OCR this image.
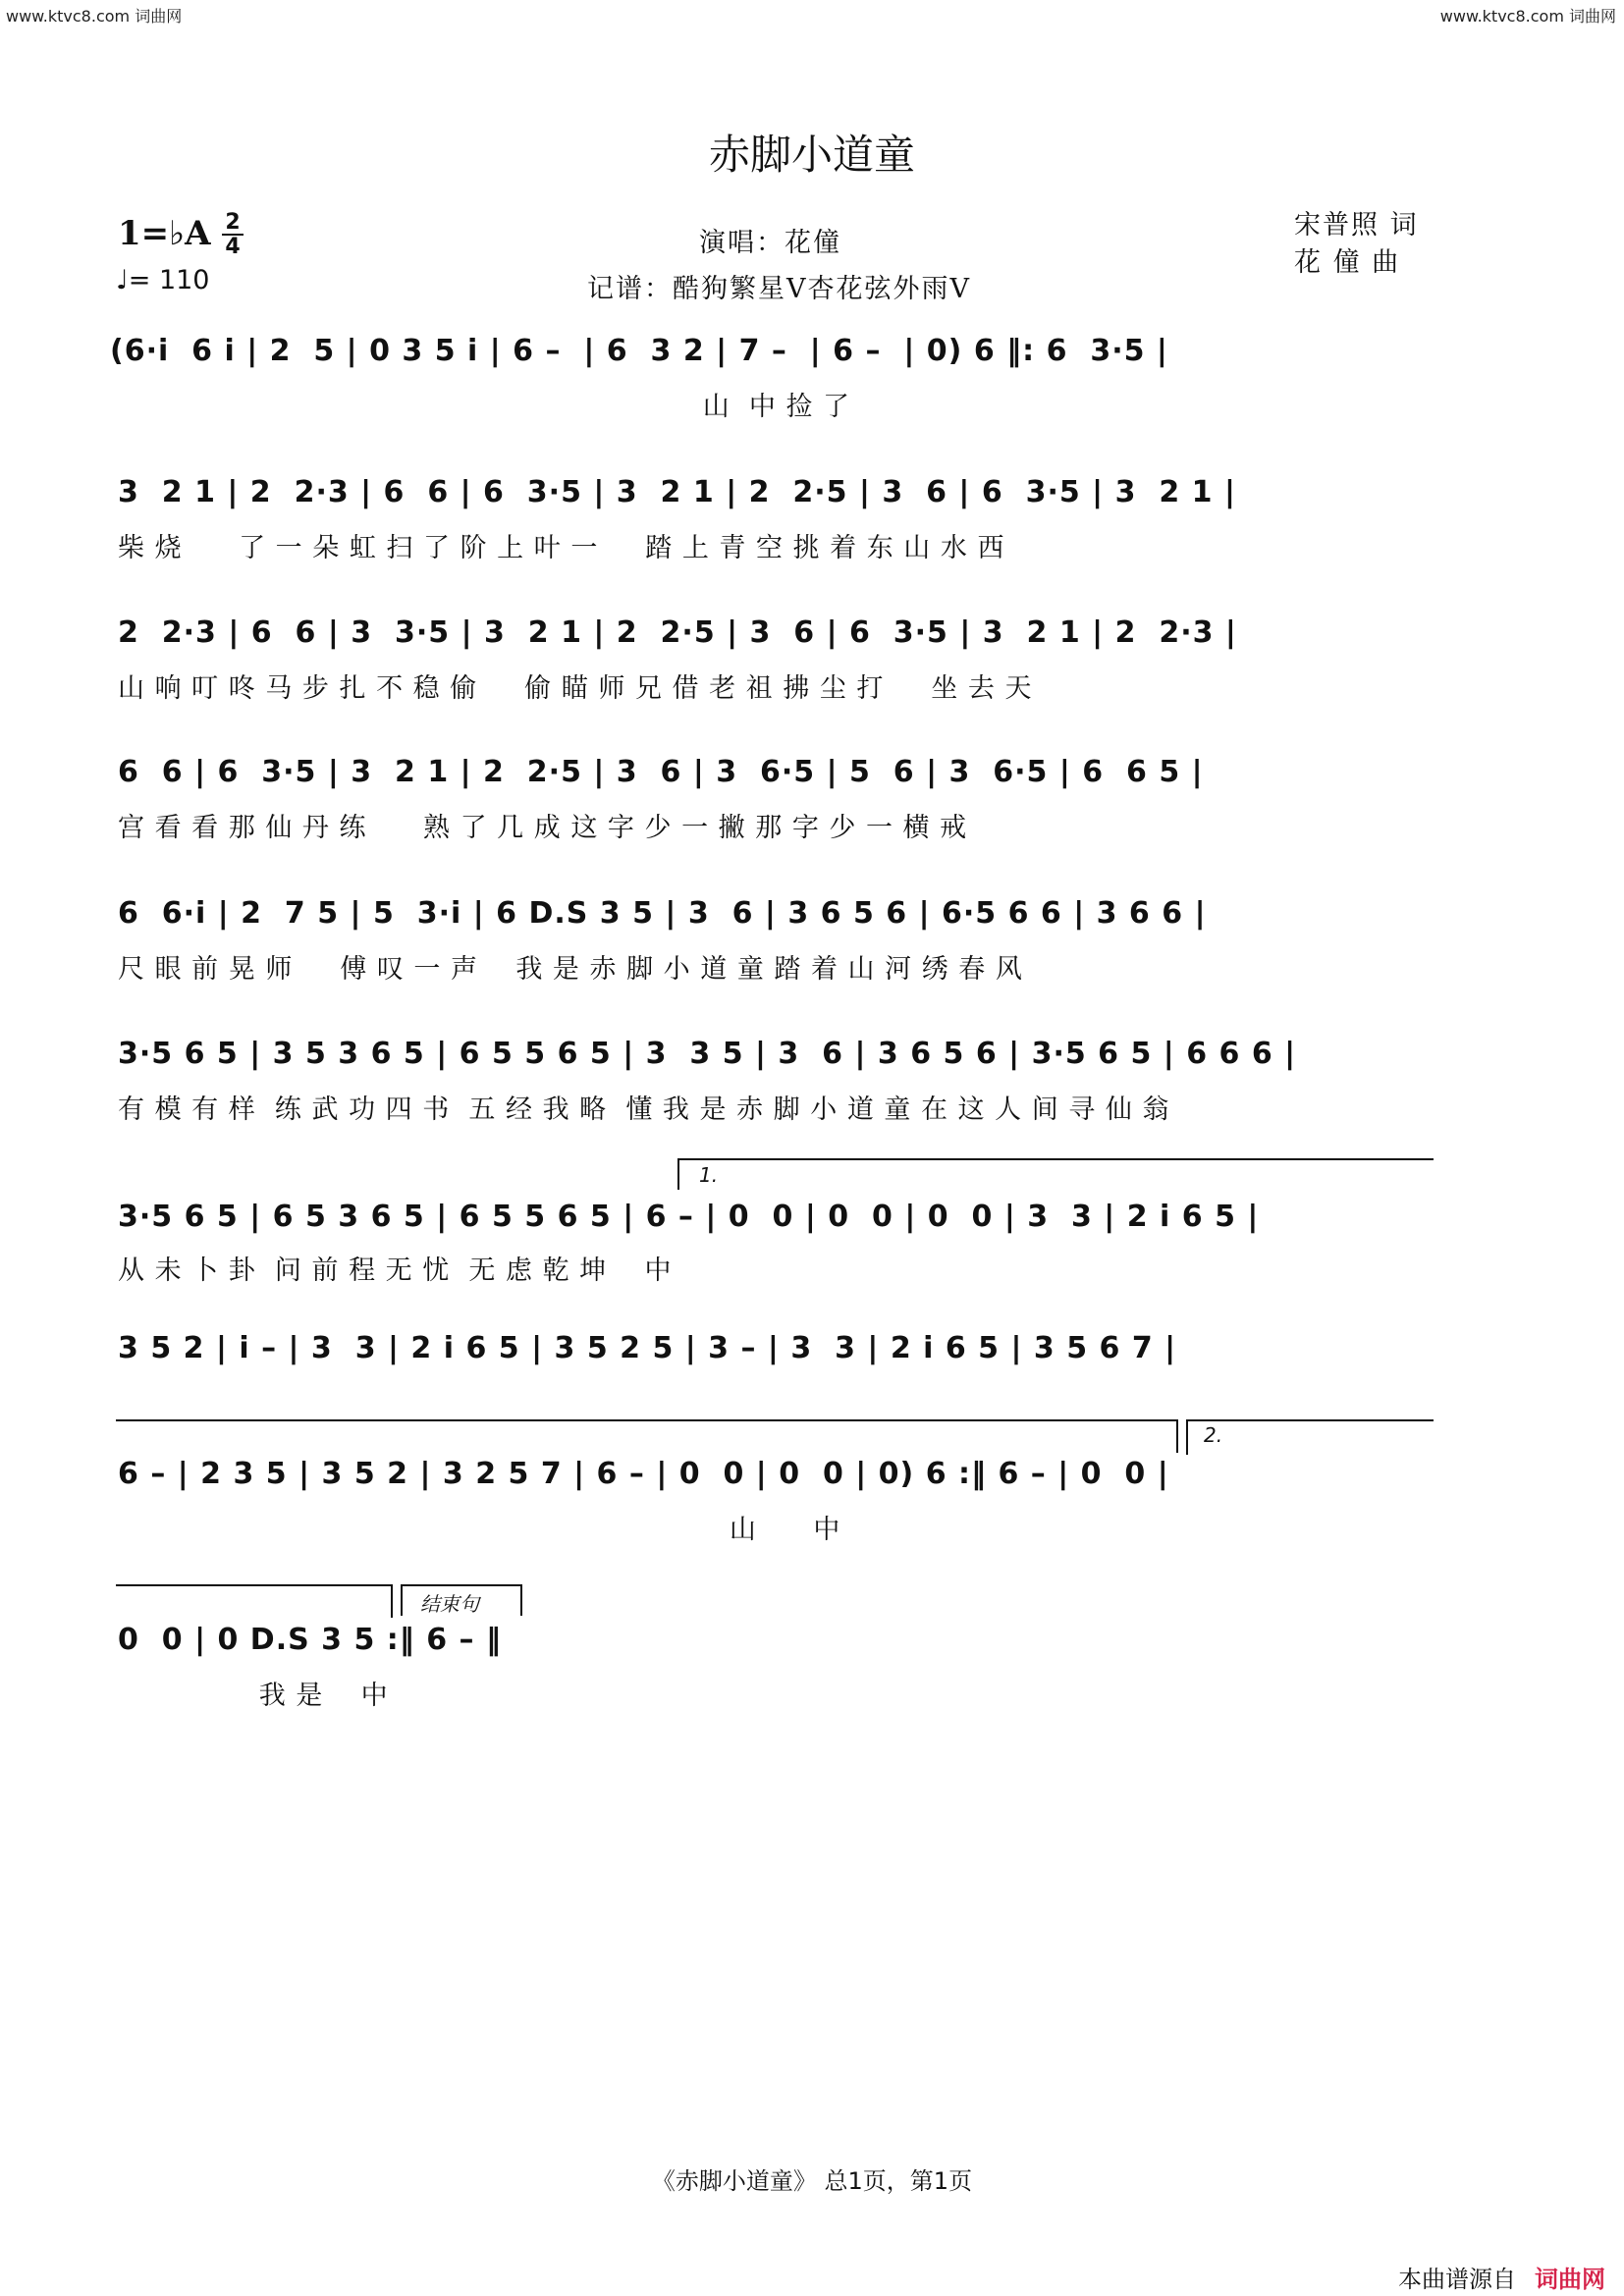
www.ktvc8.com 词曲网	www.ktvc8.com 词曲网
赤脚小道童
1=♭A 2
4
♩= 110
演唱：花僮
记谱：酷狗繁星V杏花弦外雨V
宋普照 词
花 僮 曲
(6·i  6 i | 2  5 | 0 3 5 i | 6 –  | 6  3 2 | 7 –  | 6 –  | 0) 6 ‖: 6  3·5 |
山  中 捡 了
3  2 1 | 2  2·3 | 6  6 | 6  3·5 | 3  2 1 | 2  2·5 | 3  6 | 6  3·5 | 3  2 1 |
柴 烧      了 一 朵 虹 扫 了 阶 上 叶 一     踏 上 青 空 挑 着 东 山 水 西
2  2·3 | 6  6 | 3  3·5 | 3  2 1 | 2  2·5 | 3  6 | 6  3·5 | 3  2 1 | 2  2·3 |
山 响 叮 咚 马 步 扎 不 稳 偷     偷 瞄 师 兄 借 老 祖 拂 尘 打     坐 去 天
6  6 | 6  3·5 | 3  2 1 | 2  2·5 | 3  6 | 3  6·5 | 5  6 | 3  6·5 | 6  6 5 |
宫 看 看 那 仙 丹 练      熟 了 几 成 这 字 少 一 撇 那 字 少 一 横 戒
6  6·i | 2  7 5 | 5  3·i | 6 D.S 3 5 | 3  6 | 3 6 5 6 | 6·5 6 6 | 3 6 6 |
尺 眼 前 晃 师     傅 叹 一 声    我 是 赤 脚 小 道 童 踏 着 山 河 绣 春 风
3·5 6 5 | 3 5 3 6 5 | 6 5 5 6 5 | 3  3 5 | 3  6 | 3 6 5 6 | 3·5 6 5 | 6 6 6 |
有 模 有 样  练 武 功 四 书  五 经 我 略  懂 我 是 赤 脚 小 道 童 在 这 人 间 寻 仙 翁
1.
3·5 6 5 | 6 5 3 6 5 | 6 5 5 6 5 | 6 – | 0  0 | 0  0 | 0  0 | 3  3 | 2 i 6 5 |
从 未 卜 卦  问 前 程 无 忧  无 虑 乾 坤    中
3 5 2 | i – | 3  3 | 2 i 6 5 | 3 5 2 5 | 3 – | 3  3 | 2 i 6 5 | 3 5 6 7 |
2.
6 – | 2 3 5 | 3 5 2 | 3 2 5 7 | 6 – | 0  0 | 0  0 | 0) 6 :‖ 6 – | 0  0 |
山      中
结束句
0  0 | 0 D.S 3 5 :‖ 6 – ‖
我 是    中
《赤脚小道童》 总1页，第1页
本曲谱源自 词曲网
